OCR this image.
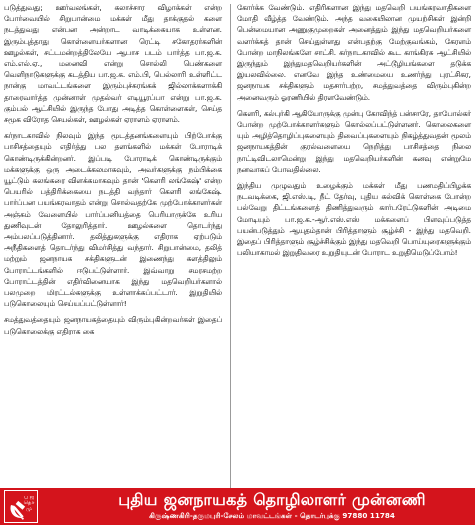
படுத்துவது; ஊர்வலங்கள், கலாச்சார விழாக்கள் என்ற போர்வையில் சிறுபான்மை மக்கள் மீது தாக்குதல் களை நடத்துவது என்பன அன்றாட வாடிக்கையாக உள்ளன. இரும்புத்தாது கொள்ளையர்களான ரெட்டி சகோதரர்களின் ஊழல்கள், சட்டமன்றத்திலேயே ஆபாச படம் பார்த்த பா.ஜ.க. எம்.எல்.ஏ., மனைவி என்று சொல்லி பெண்களை வெளிநாடுகளுக்கு கடத்திய பா.ஜ.க. எம்.பி, பெல்லாரி உள்ளிட்ட நான்கு மாவட்டங்களை இரும்புச்சுரங்கக் ஜில்லாக்களாக்கி தாரைவார்த்த முன்னாள் முதல்வர் எடியூரப்பா என்று பா.ஜ.க. கும்பல் ஆட்சியில் இருந்த போது அடித்த கொள்ளைகள், செய்த சமூக விரோத செயல்கள், ஊழல்கள் ஏராளம் ஏராளம்.

கர்நாடகாவில் நிலவும் இந்த மூடத்தனங்களையும் பிற்போக்கு பாசிசத்தையும் எதிர்த்து பல தளங்களில் மக்கள் போராடிக் கொண்டிருக்கின்றனர். இப்படி போராடிக் கொண்டிருக்கும் மக்களுக்கு ஒரு அடைக்கலமாகவும், அவர்களுக்கு நம்பிக்கை யூட்டும் கலங்கரை விளக்கமாகவும் தான் 'கௌரி லங்கேஷ்' என்ற பெயரில் பத்திரிக்கையை நடத்தி வந்தார் கௌரி லங்கேஷ். பார்ப்பன பயங்கரவாதம் என்று சொல்வதற்கே முற்போக்காளர்கள் அஞ்சும் வேளையில் பார்ப்பனியத்தை பெரியாருக்கே உரிய துணிவுடன் தோலுரித்தார். ஊழல்களை தொடர்ந்து அம்பலப்படுத்தினார். தலித்துகளுக்கு எதிராக ஏற்படும் அநீதிகளைத் தொடர்ந்து விமர்சித்து வந்தார். சிறுபான்மை, தலித் மற்றும் ஜனநாயக சக்திகளுடன் இணைந்து களத்திலும் போராட்டங்களில் ஈடுபட்டுள்ளார். இவ்வாறு சமரசமற்ற போராட்டத்தின் எதிர்வினையாக இந்து மதவெறியர்களால் பலமுறை மிரட்டல்களுக்கு உள்ளாக்கப்பட்டார். இறுதியில் படுகொலையும் செய்யப்பட்டுள்ளார்!

சமத்துவத்தையும் ஜனநாயகத்தையும் விரும்புகின்றவர்கள் இதைப் படுகொலைக்கு எதிராக கை

கோர்க்க வேண்டும். எதிரிகளான இந்து மதவெறி பயங்கரவாதிகளை மோதி வீழ்த்த வேண்டும். அந்த வகையிலான முயற்சிகள் இன்றி பென்மையான அணுகுமுறைகள் அனைத்தும் இந்து மதவெறியர்களை வளர்க்கத் தான் செய்துள்ளது என்பதற்கு மேற்குவங்கம், கேரளம் போன்ற மாநிலங்களே சாட்சி. கர்நாடகாவில் கூட காங்கிரசு ஆட்சியில் இருந்தும் இந்துமதவெறியர்களின் அட்டூழியங்களை தடுக்க இயலவில்லை. எனவே இந்த உண்மையை உணர்ந்து புரட்சிகர, ஜனநாயக சக்திகளும் மதசார்பற்ற, சமத்துவத்தை விரும்புகின்ற அனைவரும் ஓரணியில் திரளவேண்டும்.

கௌரி, கல்புர்கி ஆகியோருக்கு முன்பு கோவிந்த் பன்சாரே, தாபோல்கர் போன்ற முற்போக்காளர்களும் கொல்லப்பட்டுள்ளனர். கொலைகளை யும் அழித்தொழிப்புகளையும் திவைப்புகளையும் நிகழ்த்துவதன் மூலம் ஜனநாயகத்தின் குரல்வளையை நெறித்து பாசிசத்தை நிலை நாட்டிவிடலாமென்று இந்து மதவெறியர்களின் கனவு என்றுமே நனவாகப் போவதில்லை.

இந்திய முழுவதும் உழைக்கும் மக்கள் மீது பணமதிப்பிழக்க நடவடிக்கை, ஜி.எஸ்.டி, நீட் தேர்வு, புதிய கல்விக் கொள்கை போன்ற பல்வேறு திட்டங்களைத் திணித்துவரும் கார்பரேட்டுகளின் அடிமை மோடியும் பா.ஜ.க.-ஆர்.எஸ்.எஸ் மக்களைப் பிளவுப்படுத்த பயன்படுத்தும் ஆயுதம்தான் பிரித்தாளும் சூழ்ச்சி - இந்து மதவெறி. இதைப் பிரித்தாளும் சூழ்ச்சிக்கும் இந்து மதவெறி பொய்யுரைகளுக்கும் பலியாகாமல் இறுதிவரை உறுதியுடன் போராட உறுதிமெடுப்போம்!

பு ஜ தொ மு	புதிய ஜனநாயகத் தொழிலாளர் முன்னணி
கிருஷ்ணகிரி-தருமபுரி-சேலம் மாவட்டங்கள் - தொடர்புக்கு 97880 11784
